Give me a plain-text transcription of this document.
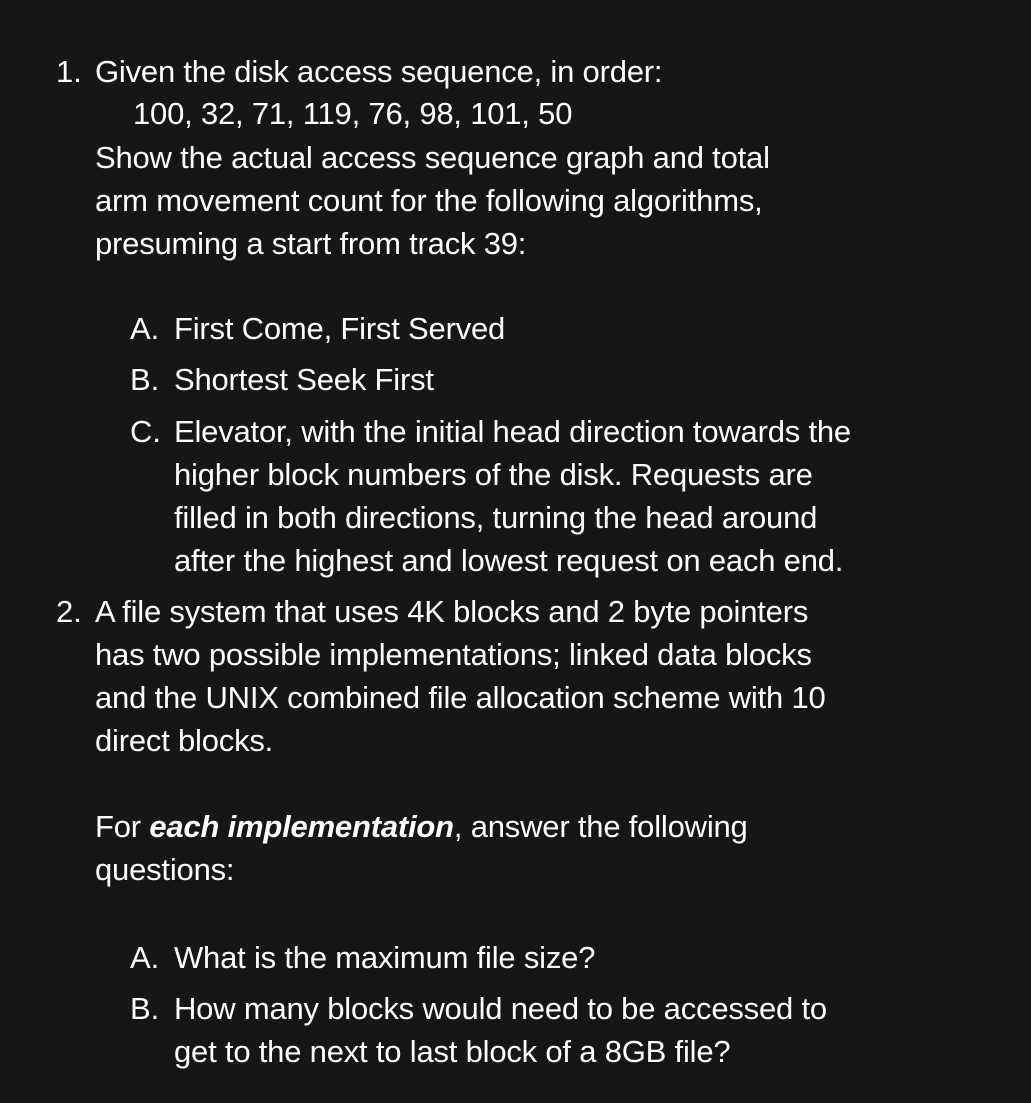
1. Given the disk access sequence, in order:
100, 32, 71, 119, 76, 98, 101, 50
Show the actual access sequence graph and total
arm movement count for the following algorithms,
presuming a start from track 39:
A. First Come, First Served
B. Shortest Seek First
C. Elevator, with the initial head direction towards the
higher block numbers of the disk. Requests are
filled in both directions, turning the head around
after the highest and lowest request on each end.
2. A file system that uses 4K blocks and 2 byte pointers
has two possible implementations; linked data blocks
and the UNIX combined file allocation scheme with 10
direct blocks.
For each implementation, answer the following
questions:
A. What is the maximum file size?
B. How many blocks would need to be accessed to
get to the next to last block of a 8GB file?
